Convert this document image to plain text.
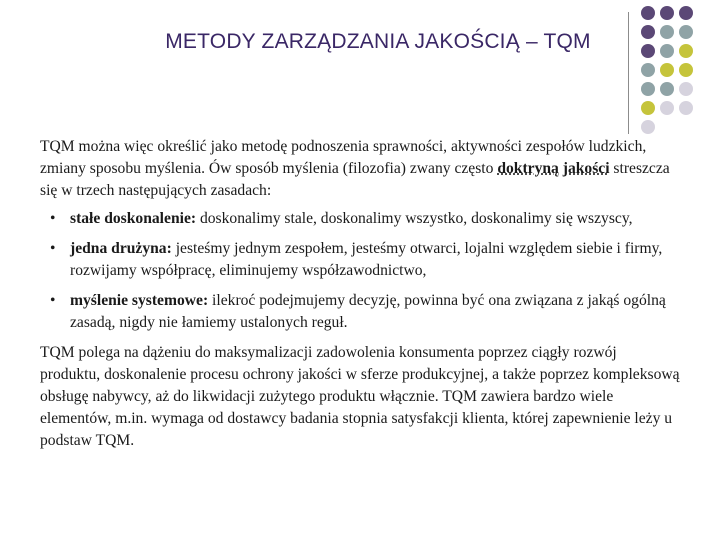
METODY ZARZĄDZANIA JAKOŚCIĄ – TQM

TQM można więc określić jako metodę podnoszenia sprawności, aktywności zespołów ludzkich, zmiany sposobu myślenia. Ów sposób myślenia (filozofia) zwany często doktryną jakości streszcza się w trzech następujących zasadach:

• stałe doskonalenie: doskonalimy stale, doskonalimy wszystko, doskonalimy się wszyscy,
• jedna drużyna: jesteśmy jednym zespołem, jesteśmy otwarci, lojalni względem siebie i firmy, rozwijamy współpracę, eliminujemy współzawodnictwo,
• myślenie systemowe: ilekroć podejmujemy decyzję, powinna być ona związana z jakąś ogólną zasadą, nigdy nie łamiemy ustalonych reguł.

TQM polega na dążeniu do maksymalizacji zadowolenia konsumenta poprzez ciągły rozwój produktu, doskonalenie procesu ochrony jakości w sferze produkcyjnej, a także poprzez kompleksową obsługę nabywcy, aż do likwidacji zużytego produktu włącznie. TQM zawiera bardzo wiele elementów, m.in. wymaga od dostawcy badania stopnia satysfakcji klienta, której zapewnienie leży u podstaw TQM.
